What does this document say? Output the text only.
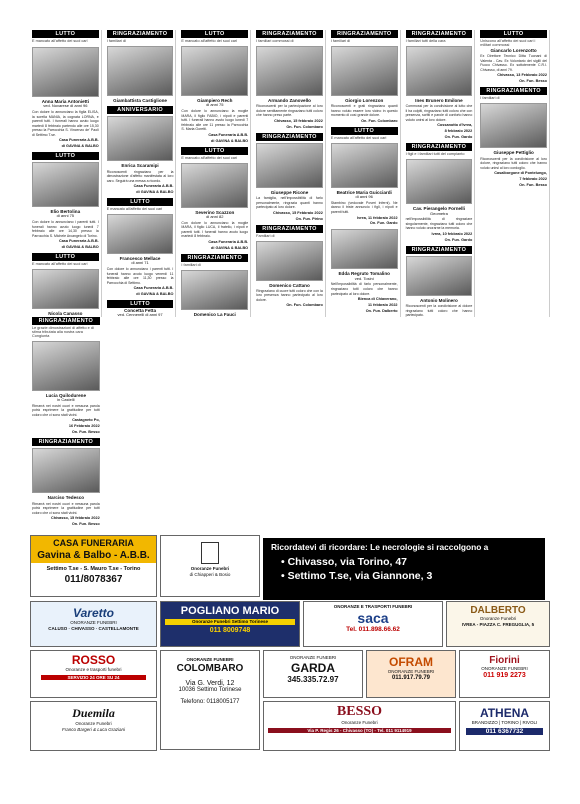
LUTTO
E mancato all'affetto dei suoi cari
Anna Maria Antonietti
ved. Novarese di anni 96
Con dolore lo annunciano la figlia ELISA, la sorella MANIA, la cognata LORNA, e parenti tutti. I funerali hanno avuto luogo martedì 8 febbraio partendo alle ore 15,30 presso la Parrocchia S. Vincenzo de' Paoli di Settimo T.se.
Casa Funeraria A.B.B.
di GAVINA & BALBO
LUTTO
Elio Bertolina
di anni 75
Con dolore lo annunciano i parenti tutti. I funerali hanno avuto luogo lunedì 7 febbraio alle ore 14,30 presso la Parrocchia S. Michele Arcangelo di Torino.
Casa Funeraria A.B.B.
di GAVINA & BALBO
LUTTO
E mancato all'affetto dei suoi cari
Nicola Canasso
RINGRAZIAMENTO
I familiari di
Giambattista Castiglione
ANNIVERSARIO
Enrica Scaramipi
Riconoscenti ringraziano per la dimostrazione d'affetto manifestata al loro caro. Seguirà una messa a ricordo.
Casa Funeraria A.B.B.
di GAVINA & BALBO
LUTTO
E mancato all'affetto dei suoi cari
Francesco Mellace
di anni 71
Con dolore lo annunciano i parenti tutti. I funerali hanno avuto luogo venerdì 11 febbraio alle ore 11,30 presso la Parrocchia di Settimo.
Casa Funeraria A.B.B.
di GAVINA & BALBO
LUTTO
Concetta Fetta
ved. Cennerelli di anni 97
LUTTO
E mancato all'affetto dei suoi cari
Giampiero Rech
di anni 75
Con dolore lo annunciano la moglie MARA, il figlio FABIO, i nipoti e parenti tutti. I funerali hanno avuto luogo lunedì 7 febbraio alle ore 11 presso la Parrocchia S. Maria Goretti.
Casa Funeraria A.B.B.
di GAVINA & BALBO
LUTTO
E mancato all'affetto dei suoi cari
Severino Scazzon
di anni 82
Con dolore lo annunciano la moglie MARA, il figlio LUCA, il fratello, i nipoti e parenti tutti. I funerali hanno avuto luogo martedì 8 febbraio.
Casa Funeraria A.B.B.
di GAVINA & BALBO
RINGRAZIAMENTO
I familiari di
Domenico La Fauci
RINGRAZIAMENTO
I familiari commossi di
Armando Zanovello
Riconoscenti per la partecipazione al loro dolore sentitamente ringraziano tutti coloro che hanno preso parte.
Chivasso, 15 febbraio 2022
On. Fun. Colombaro
RINGRAZIAMENTO
Giuseppe Ricone
La famiglia, nell'impossibilità di farlo personalmente, ringrazia quanti hanno partecipato al loro dolore.
Chivasso, 15 Febbraio 2022
On. Fun. Pirino
RINGRAZIAMENTO
Familiari di
Domenico Cattano
Ringraziano di cuore tutti coloro che con la loro presenza hanno partecipato al loro dolore.
On. Fun. Colombaro
RINGRAZIAMENTO
I familiari di
Giorgio Lorenzon
Riconoscenti e grati ringraziano quanti hanno voluto essere loro vicino in questo momento di così grande dolore.
On. Fun. Colombaro
LUTTO
E mancato all'affetto dei suoi cari
Beatrice Maria Guicciardi
di anni 96
Stambino (vedovale Poveri Inferni). Ne danno il triste annuncio i figli, i nipoti e parenti tutti.
Ivrea, 11 febbraio 2022
On. Fun. Gardo
Edda Regruto Tomalino
ved. Tosini
Nell'impossibilità di farlo personalmente, ringraziano tutti coloro che hanno partecipato al loro dolore.
Bienca di Chiaverano,
11 febbraio 2022
On. Fun. Dalberto
RINGRAZIAMENTO
I familiari tutti della cara
Ines Brunero Emilone
Commossi per la condivisione al lutto che li ha colpiti, ringraziano tutti coloro che con presenza, scritti e parole di conforto hanno voluto unirsi al loro dolore.
Cossanotto d'Ivrea,
8 febbraio 2022
On. Fun. Gardo
RINGRAZIAMENTO
I figli e i familiari tutti del compianto
Cav. Pierangelo Fornelli
Geometra
nell'impossibilità di ringraziare singolarmente, ringraziano tutti coloro che hanno voluto onorarne la memoria.
Ivrea, 10 febbraio 2022
On. Fun. Gardo
RINGRAZIAMENTO
Antonio Molinero
Riconoscenti per la condivisione al dolore ringraziano tutti coloro che hanno partecipato.
LUTTO
Uniscono all'affetto dei suoi cari i militari commossi
Giancarlo Lorenzotto
Ex Direttore Tecnico Ditta Tuonani di Valenta - Cav. Ex Volontario dei sigilli del Fuoco Chivasso. Ex sottotenente C.R.I. Chivasso, di anni 79.
Chivasso, 13 Febbraio 2022
On. Fun. Besso
RINGRAZIAMENTO
I familiari di
Giuseppe Pettiglio
Riconoscenti per la condivisione al loro dolore, ringraziano tutti coloro che hanno voluto unirsi al loro cordoglio.
Casalborgone di Pontelungo,
7 febbraio 2022
On. Fun. Besso
RINGRAZIAMENTO
Le grazie dimostrazioni di affetto e di stima tributata alla nostra cara Congiunta
Lucia Quilodurene
in Castelli
Rimarrà nei nostri cuori e nessuna parola potrà esprimere la gratitudine per tutti coloro che ci sono stati vicini.
Castagneto Po,
16 Febbraio 2022
On. Fun. Besso
RINGRAZIAMENTO
Narciso Tedesco
Rimarrà nei nostri cuori e nessuna parola potrà esprimere la gratitudine per tutti coloro che ci sono stati vicini.
Chivasso, 15 febbraio 2022
On. Fun. Besso
CASA FUNERARIA
Gavina & Balbo - A.B.B.
Settimo T.se - S. Mauro T.se - Torino
011/8078367
Onoranze Funebri
di Chiapperi & Bosio
Ricordatevi di ricordare: Le necrologie si raccolgono a
• Chivasso, via Torino, 47
• Settimo T.se, via Giannone, 3
Varetto
ONORANZE FUNEBRI
CALUSO · CHIVASSO · CASTELLAMONTE
POGLIANO MARIO
Onoranze Funebri Settimo Torinese
011 8009748
ONORANZE E TRASPORTI FUNEBRI
saca
Tel. 011.898.66.62
DALBERTO
Onoranze Funebri
IVREA - PIAZZA C. FREGUGLIA, 5
ROSSO
Onoranze e trasporti funebri
SERVIZIO 24 ORE SU 24
ONORANZE FUNEBRI
COLOMBARO
Via G. Verdi, 12
10036 Settimo Torinese
Telefono: 0118005177
ONORANZE FUNEBRI
GARDA
345.335.72.97
OFRAM
ONORANZE FUNEBRI
011.917.79.79
Fiorini
ONORANZE FUNEBRI
011 919 2273
Duemila
Onoranze Funebri
Franco Bargeri & Luca Graziani
BESSO
Onoranze Funebri
Via P. Regis 26 - Chivasso (TO) - Tel. 011 9114919
ATHENA
BRANDIZZO | TORINO | RIVOLI
011 6367732
